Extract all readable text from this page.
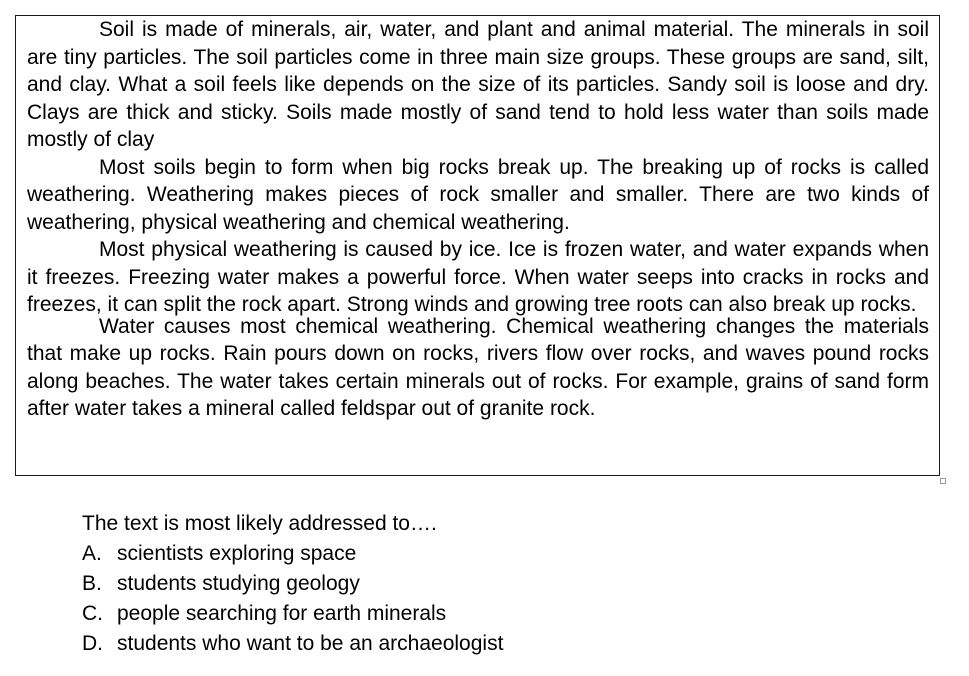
Soil is made of minerals, air, water, and plant and animal material. The minerals in soil are tiny particles. The soil particles come in three main size groups. These groups are sand, silt, and clay. What a soil feels like depends on the size of its particles. Sandy soil is loose and dry. Clays are thick and sticky. Soils made mostly of sand tend to hold less water than soils made mostly of clay

Most soils begin to form when big rocks break up. The breaking up of rocks is called weathering. Weathering makes pieces of rock smaller and smaller. There are two kinds of weathering, physical weathering and chemical weathering.

Most physical weathering is caused by ice. Ice is frozen water, and water expands when it freezes. Freezing water makes a powerful force. When water seeps into cracks in rocks and freezes, it can split the rock apart. Strong winds and growing tree roots can also break up rocks.

Water causes most chemical weathering. Chemical weathering changes the materials that make up rocks. Rain pours down on rocks, rivers flow over rocks, and waves pound rocks along beaches. The water takes certain minerals out of rocks. For example, grains of sand form after water takes a mineral called feldspar out of granite rock.

The text is most likely addressed to….

A. scientists exploring space
B. students studying geology
C. people searching for earth minerals
D. students who want to be an archaeologist
